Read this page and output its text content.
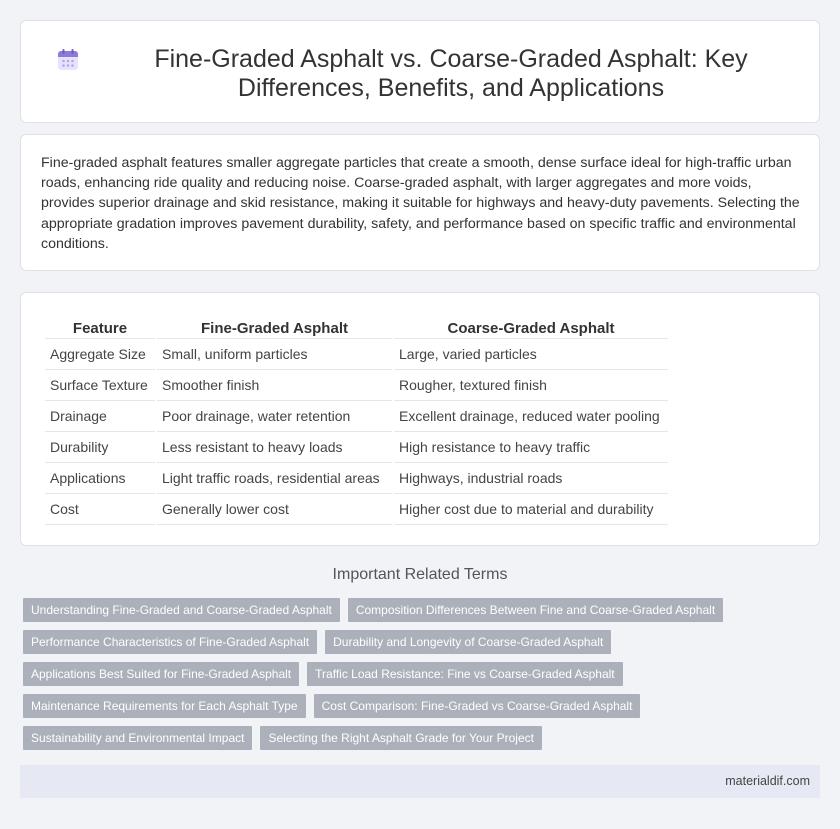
Fine-Graded Asphalt vs. Coarse-Graded Asphalt: Key Differences, Benefits, and Applications

Fine-graded asphalt features smaller aggregate particles that create a smooth, dense surface ideal for high-traffic urban roads, enhancing ride quality and reducing noise. Coarse-graded asphalt, with larger aggregates and more voids, provides superior drainage and skid resistance, making it suitable for highways and heavy-duty pavements. Selecting the appropriate gradation improves pavement durability, safety, and performance based on specific traffic and environmental conditions.

Feature	Fine-Graded Asphalt	Coarse-Graded Asphalt
Aggregate Size	Small, uniform particles	Large, varied particles
Surface Texture	Smoother finish	Rougher, textured finish
Drainage	Poor drainage, water retention	Excellent drainage, reduced water pooling
Durability	Less resistant to heavy loads	High resistance to heavy traffic
Applications	Light traffic roads, residential areas	Highways, industrial roads
Cost	Generally lower cost	Higher cost due to material and durability
Important Related Terms
Understanding Fine-Graded and Coarse-Graded Asphalt	Composition Differences Between Fine and Coarse-Graded Asphalt
Performance Characteristics of Fine-Graded Asphalt	Durability and Longevity of Coarse-Graded Asphalt
Applications Best Suited for Fine-Graded Asphalt	Traffic Load Resistance: Fine vs Coarse-Graded Asphalt
Maintenance Requirements for Each Asphalt Type	Cost Comparison: Fine-Graded vs Coarse-Graded Asphalt
Sustainability and Environmental Impact	Selecting the Right Asphalt Grade for Your Project
materialdif.com
